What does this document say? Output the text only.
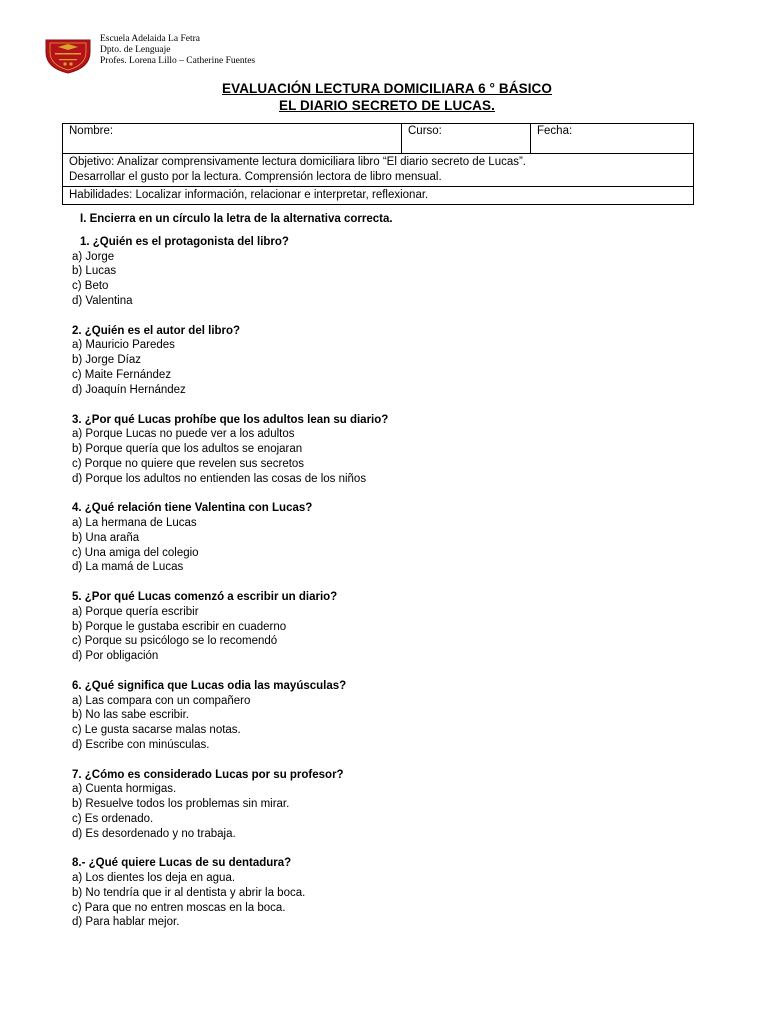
Escuela Adelaida La Fetra
Dpto. de Lenguaje
Profes. Lorena Lillo – Catherine Fuentes
EVALUACIÓN LECTURA DOMICILIARA 6 ° BÁSICO
EL DIARIO SECRETO DE LUCAS.
Nombre:	Curso:	Fecha:

Objetivo: Analizar comprensivamente lectura domiciliara libro “El diario secreto de Lucas”.
Desarrollar el gusto por la lectura. Comprensión lectora de libro mensual.

Habilidades: Localizar información, relacionar e interpretar, reflexionar.
I. Encierra en un círculo la letra de la alternativa correcta.
1. ¿Quién es el protagonista del libro?
a) Jorge
b) Lucas
c) Beto
d) Valentina
2. ¿Quién es el autor del libro?
a) Mauricio Paredes
b) Jorge Díaz
c) Maite Fernández
d) Joaquín Hernández
3. ¿Por qué Lucas prohíbe que los adultos lean su diario?
a) Porque Lucas no puede ver a los adultos
b) Porque quería que los adultos se enojaran
c) Porque no quiere que revelen sus secretos
d) Porque los adultos no entienden las cosas de los niños
4. ¿Qué relación tiene Valentina con Lucas?
a) La hermana de Lucas
b) Una araña
c) Una amiga del colegio
d) La mamá de Lucas
5. ¿Por qué Lucas comenzó a escribir un diario?
a) Porque quería escribir
b) Porque le gustaba escribir en cuaderno
c) Porque su psicólogo se lo recomendó
d) Por obligación
6. ¿Qué significa que Lucas odia las mayúsculas?
a) Las compara con un compañero
b) No las sabe escribir.
c) Le gusta sacarse malas notas.
d) Escribe con minúsculas.
7. ¿Cómo es considerado Lucas por su profesor?
a) Cuenta hormigas.
b) Resuelve todos los problemas sin mirar.
c) Es ordenado.
d) Es desordenado y no trabaja.
8.- ¿Qué quiere Lucas de su dentadura?
a) Los dientes los deja en agua.
b) No tendría que ir al dentista y abrir la boca.
c) Para que no entren moscas en la boca.
d) Para hablar mejor.
